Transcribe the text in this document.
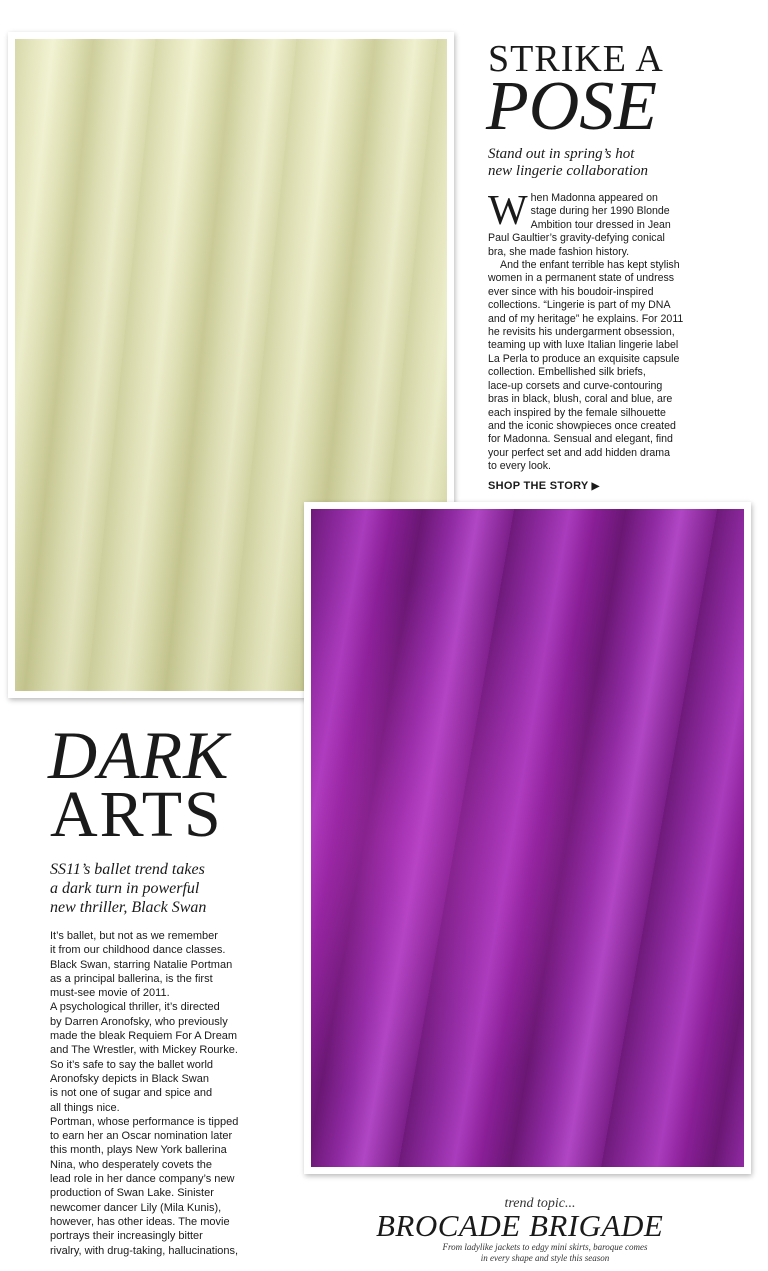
STRIKE A
POSE

Stand out in spring’s hot
new lingerie collaboration

W hen Madonna appeared on
stage during her 1990 Blonde
Ambition tour dressed in Jean
Paul Gaultier’s gravity-defying conical
bra, she made fashion history.
And the enfant terrible has kept stylish
women in a permanent state of undress
ever since with his boudoir-inspired
collections. “Lingerie is part of my DNA
and of my heritage” he explains. For 2011
he revisits his undergarment obsession,
teaming up with luxe Italian lingerie label
La Perla to produce an exquisite capsule
collection. Embellished silk briefs,
lace-up corsets and curve-contouring
bras in black, blush, coral and blue, are
each inspired by the female silhouette
and the iconic showpieces once created
for Madonna. Sensual and elegant, find
your perfect set and add hidden drama
to every look.
SHOP THE STORY ▶
DARK
ARTS

SS11’s ballet trend takes
a dark turn in powerful
new thriller, Black Swan

It’s ballet, but not as we remember
it from our childhood dance classes.
Black Swan, starring Natalie Portman
as a principal ballerina, is the first
must-see movie of 2011.
A psychological thriller, it’s directed
by Darren Aronofsky, who previously
made the bleak Requiem For A Dream
and The Wrestler, with Mickey Rourke.
So it’s safe to say the ballet world
Aronofsky depicts in Black Swan
is not one of sugar and spice and
all things nice.
Portman, whose performance is tipped
to earn her an Oscar nomination later
this month, plays New York ballerina
Nina, who desperately covets the
lead role in her dance company’s new
production of Swan Lake. Sinister
newcomer dancer Lily (Mila Kunis),
however, has other ideas. The movie
portrays their increasingly bitter
rivalry, with drug-taking, hallucinations,
trend topic...
BROCADE BRIGADE
From ladylike jackets to edgy mini skirts, baroque comes
in every shape and style this season
